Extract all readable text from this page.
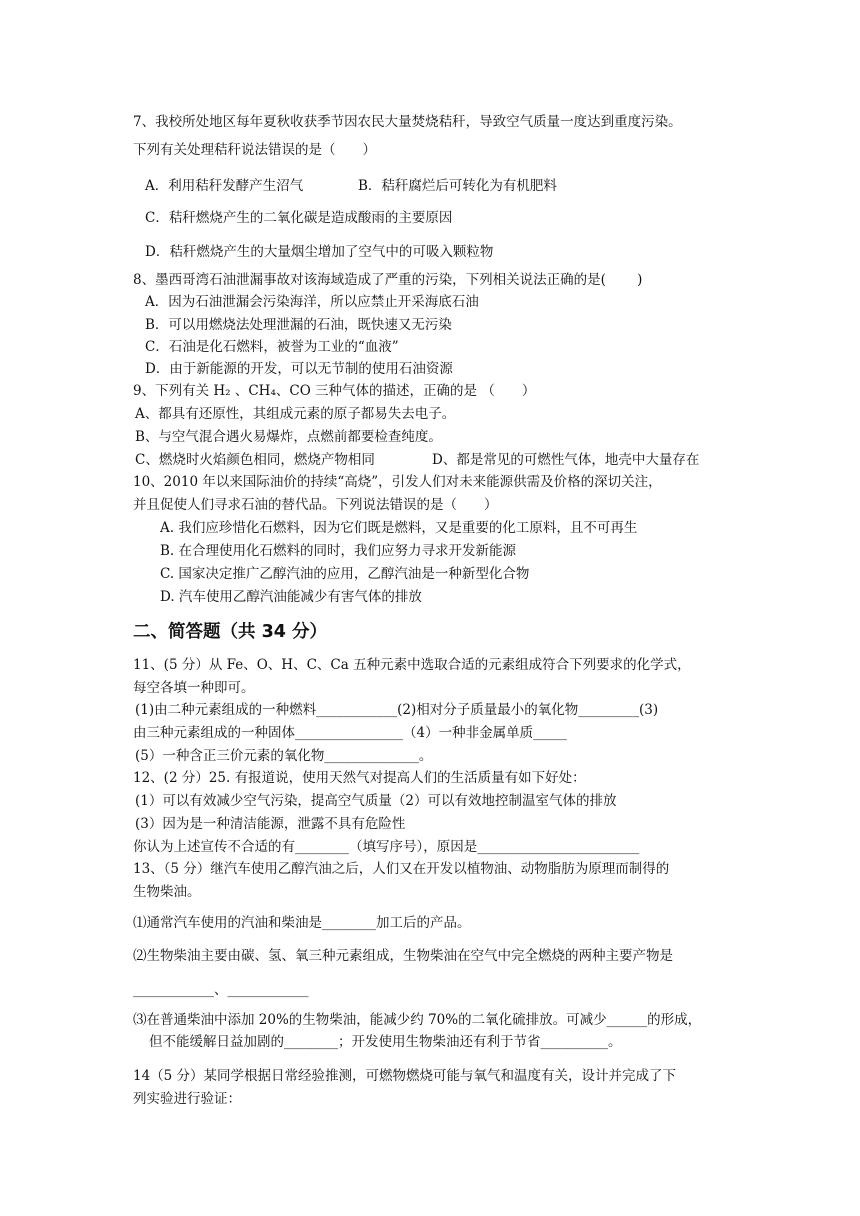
7、我校所处地区每年夏秋收获季节因农民大量焚烧秸秆，导致空气质量一度达到重度污染。
下列有关处理秸秆说法错误的是（　　）
A．利用秸秆发酵产生沼气	B．秸秆腐烂后可转化为有机肥料
C．秸秆燃烧产生的二氧化碳是造成酸雨的主要原因
D．秸秆燃烧产生的大量烟尘增加了空气中的可吸入颗粒物
8、墨西哥湾石油泄漏事故对该海域造成了严重的污染，下列相关说法正确的是(　　 )
A．因为石油泄漏会污染海洋，所以应禁止开采海底石油
B．可以用燃烧法处理泄漏的石油，既快速又无污染
C．石油是化石燃料，被誉为工业的“血液”
D．由于新能源的开发，可以无节制的使用石油资源
9、下列有关 H₂ 、CH₄、CO 三种气体的描述，正确的是 （　　）
A、都具有还原性，其组成元素的原子都易失去电子。
B、与空气混合遇火易爆炸，点燃前都要检查纯度。
C、燃烧时火焰颜色相同，燃烧产物相同	D、都是常见的可燃性气体，地壳中大量存在
10、2010 年以来国际油价的持续“高烧”，引发人们对未来能源供需及价格的深切关注，
并且促使人们寻求石油的替代品。下列说法错误的是（　　）
A. 我们应珍惜化石燃料，因为它们既是燃料，又是重要的化工原料，且不可再生
B. 在合理使用化石燃料的同时，我们应努力寻求开发新能源
C. 国家决定推广乙醇汽油的应用，乙醇汽油是一种新型化合物
D. 汽车使用乙醇汽油能减少有害气体的排放
二、简答题（共 34 分）
11、(5 分）从 Fe、O、H、C、Ca 五种元素中选取合适的元素组成符合下列要求的化学式，
每空各填一种即可。
(1)由二种元素组成的一种燃料____________(2)相对分子质量最小的氧化物_________(3)
由三种元素组成的一种固体________________（4）一种非金属单质_____
(5）一种含正三价元素的氧化物______________。
12、(2 分）25. 有报道说，使用天然气对提高人们的生活质量有如下好处：
(1）可以有效减少空气污染，提高空气质量（2）可以有效地控制温室气体的排放
(3）因为是一种清洁能源，泄露不具有危险性
你认为上述宣传不合适的有________（填写序号），原因是________________________
13、（5 分）继汽车使用乙醇汽油之后，人们又在开发以植物油、动物脂肪为原理而制得的
生物柴油。
⑴通常汽车使用的汽油和柴油是________加工后的产品。
⑵生物柴油主要由碳、氢、氧三种元素组成，生物柴油在空气中完全燃烧的两种主要产物是
____________、____________
⑶在普通柴油中添加 20%的生物柴油，能减少约 70%的二氧化硫排放。可减少______的形成，
但不能缓解日益加剧的________；开发使用生物柴油还有利于节省__________。
14（5 分）某同学根据日常经验推测，可燃物燃烧可能与氧气和温度有关，设计并完成了下
列实验进行验证：
